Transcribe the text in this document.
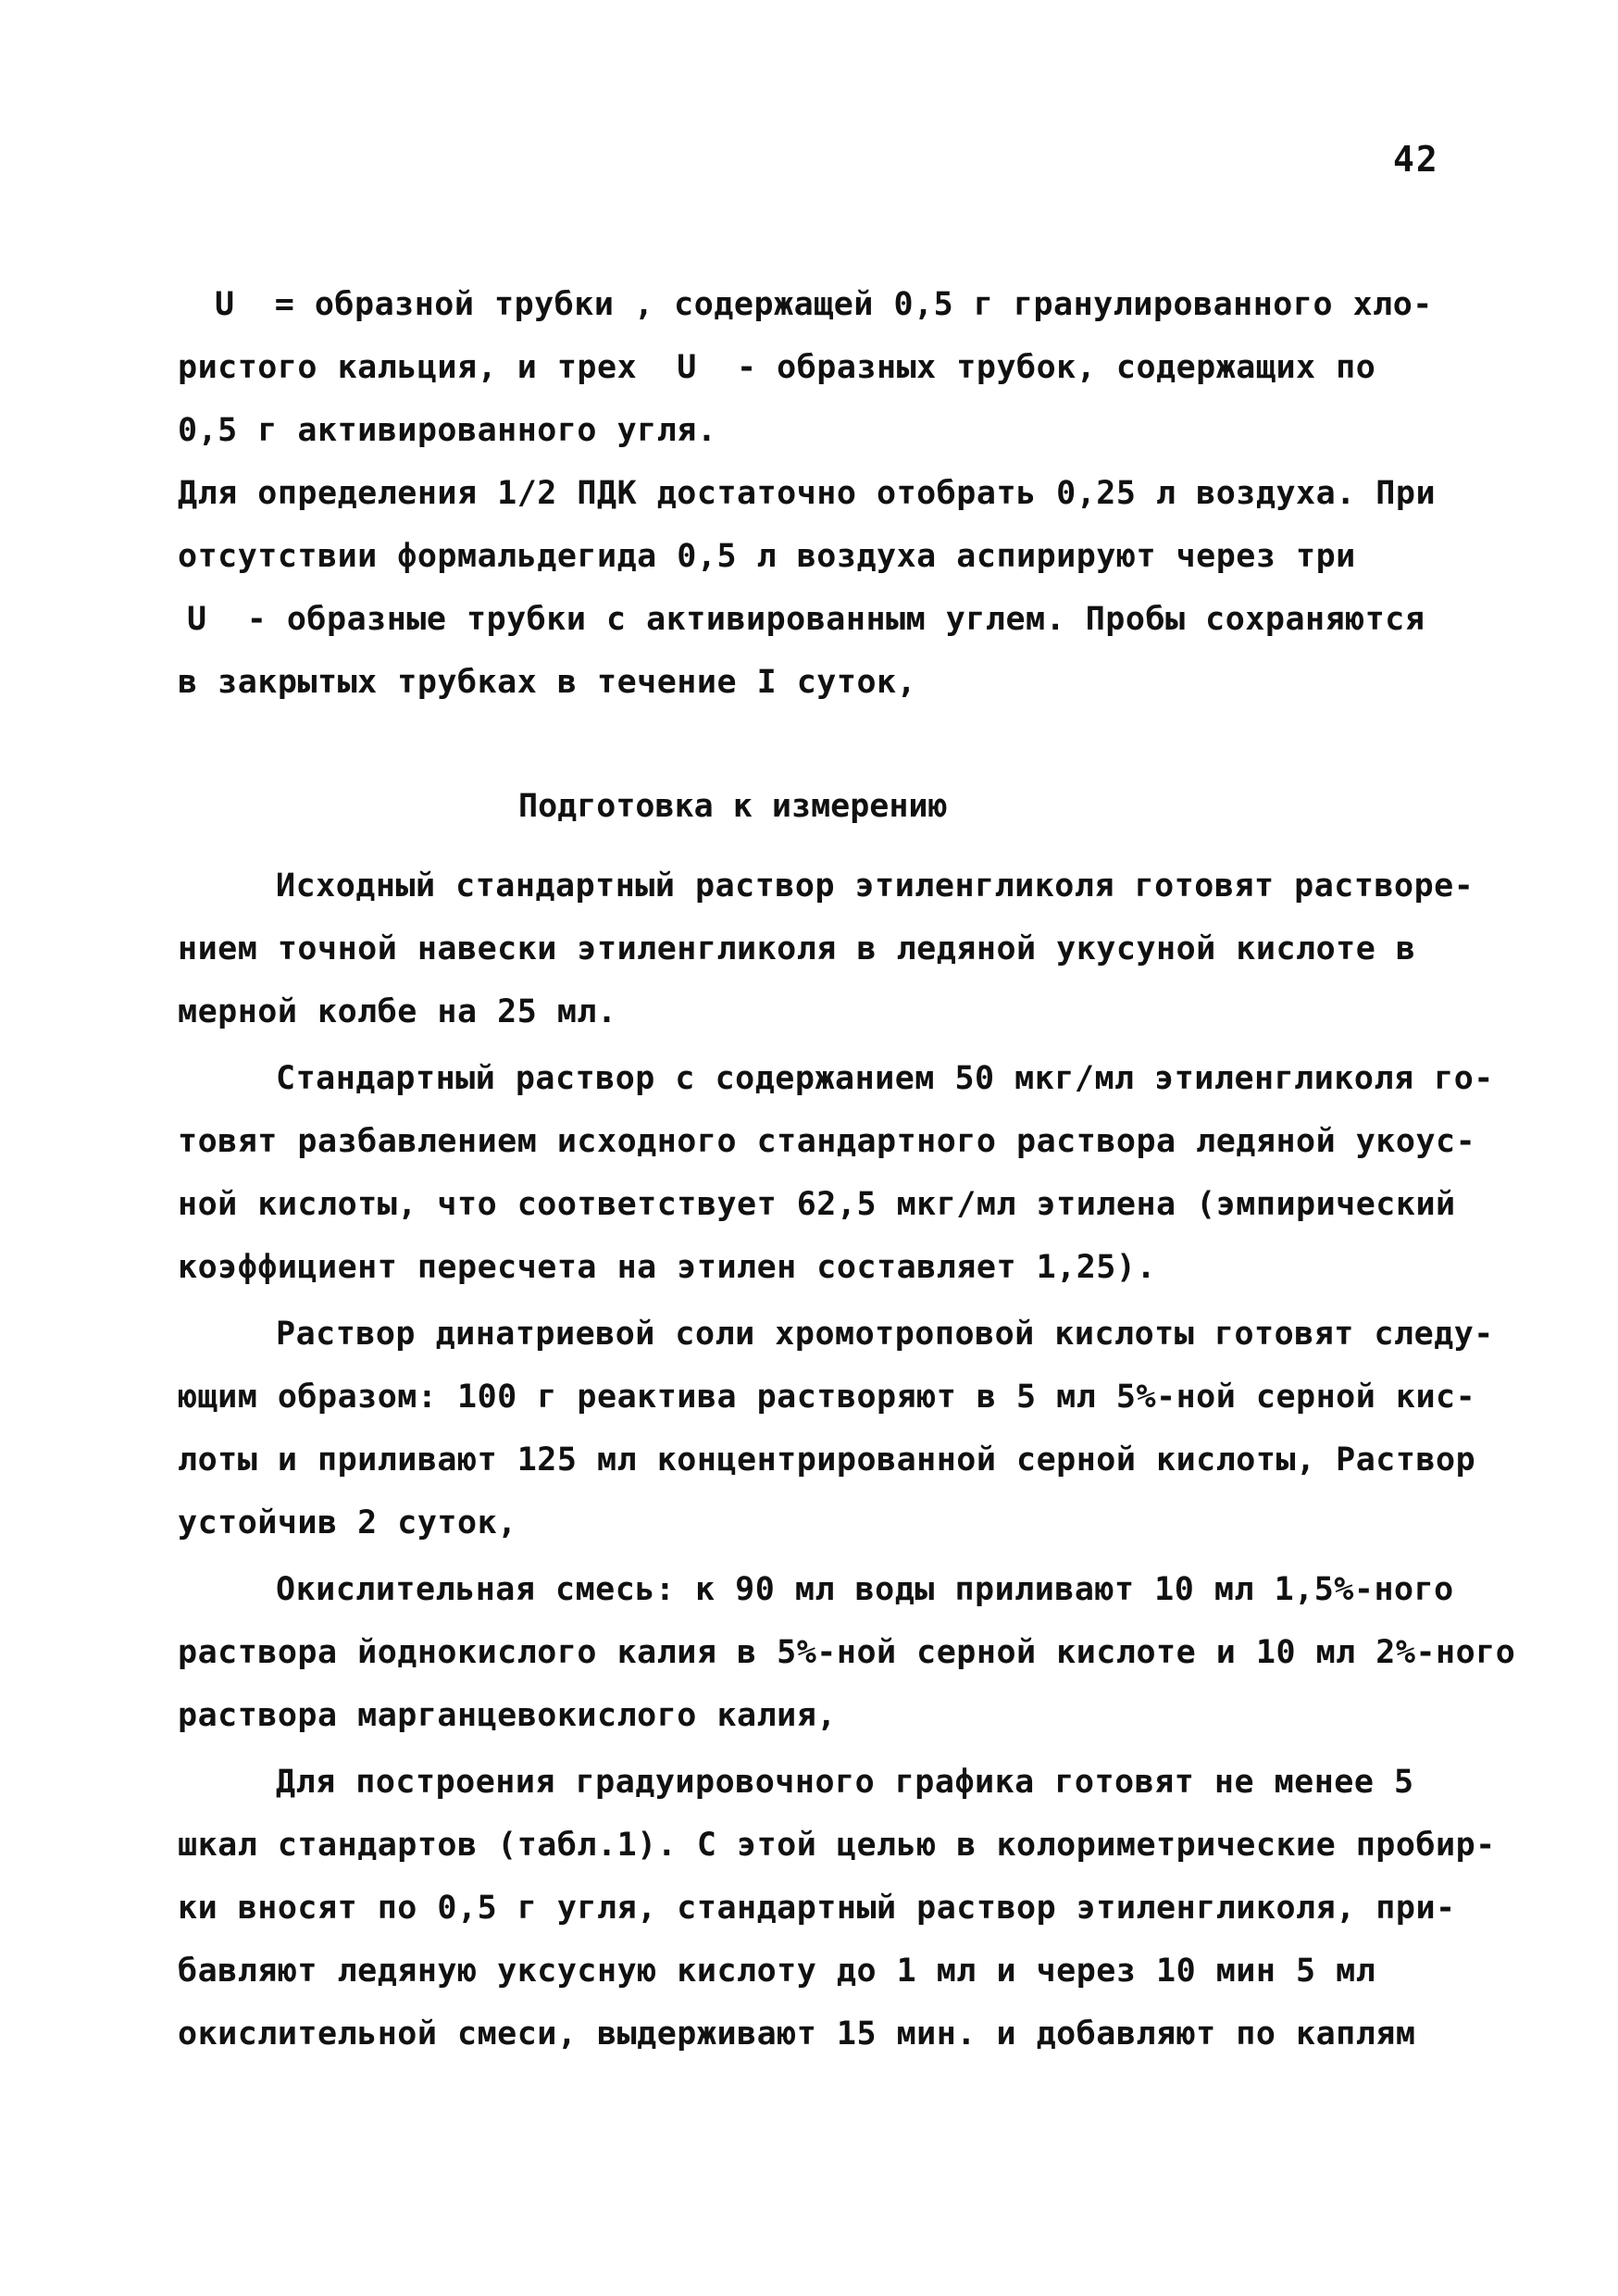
42
U  = образной трубки , содержащей 0,5 г гранулированного хло-
ристого кальция, и трех  U  - образных трубок, содержащих по
0,5 г активированного угля.
Для определения 1/2 ПДК достаточно отобрать 0,25 л воздуха. При
отсутствии формальдегида 0,5 л воздуха аспирируют через три
U  - образные трубки с активированным углем. Пробы сохраняются
в закрытых трубках в течение I суток,
Подготовка к измерению
Исходный стандартный раствор этиленгликоля готовят растворе-
нием точной навески этиленгликоля в ледяной укусуной кислоте в
мерной колбе на 25 мл.
Стандартный раствор с содержанием 50 мкг/мл этиленгликоля го-
товят разбавлением исходного стандартного раствора ледяной укоус-
ной кислоты, что соответствует 62,5 мкг/мл этилена (эмпирический
коэффициент пересчета на этилен составляет 1,25).
Раствор динатриевой соли хромотроповой кислоты готовят следу-
ющим образом: 100 г реактива растворяют в 5 мл 5%-ной серной кис-
лоты и приливают 125 мл концентрированной серной кислоты, Раствор
устойчив 2 суток,
Окислительная смесь: к 90 мл воды приливают 10 мл 1,5%-ного
раствора йоднокислого калия в 5%-ной серной кислоте и 10 мл 2%-ного
раствора марганцевокислого калия,
Для построения градуировочного графика готовят не менее 5
шкал стандартов (табл.1). С этой целью в колориметрические пробир-
ки вносят по 0,5 г угля, стандартный раствор этиленгликоля, при-
бавляют ледяную уксусную кислоту до 1 мл и через 10 мин 5 мл
окислительной смеси, выдерживают 15 мин. и добавляют по каплям
